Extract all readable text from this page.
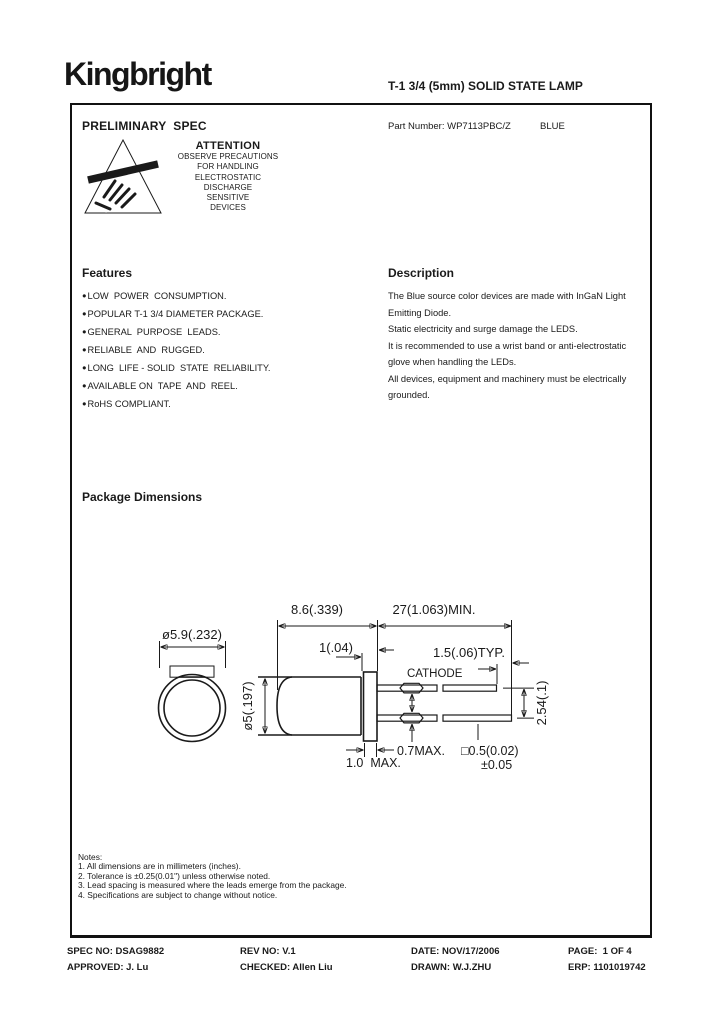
Kingbright	T-1 3/4 (5mm) SOLID STATE LAMP
PRELIMINARY  SPEC	Part Number: WP7113PBC/Z	BLUE
ATTENTION
OBSERVE PRECAUTIONS
FOR HANDLING
ELECTROSTATIC
DISCHARGE
SENSITIVE
DEVICES
Features
● LOW  POWER  CONSUMPTION.
● POPULAR T-1 3/4 DIAMETER PACKAGE.
● GENERAL  PURPOSE  LEADS.
● RELIABLE  AND  RUGGED.
● LONG  LIFE - SOLID  STATE  RELIABILITY.
● AVAILABLE ON  TAPE  AND  REEL.
● RoHS COMPLIANT.
Description
The Blue source color devices are made with InGaN Light
Emitting Diode.
Static electricity and surge damage the LEDS.
It is recommended to use a wrist band or anti-electrostatic
glove when handling the LEDs.
All devices, equipment and machinery must be electrically
grounded.
Package Dimensions
ø5.9(.232)
ø5(.197)
8.6(.339)	27(1.063)MIN.
1(.04)
CATHODE
1.5(.06)TYP.
2.54(.1)
0.7MAX.
1.0  MAX.
□0.5(0.02)
±0.05
Notes:
1. All dimensions are in millimeters (inches).
2. Tolerance is ±0.25(0.01") unless otherwise noted.
3. Lead spacing is measured where the leads emerge from the package.
4. Specifications are subject to change without notice.
SPEC NO: DSAG9882	REV NO: V.1	DATE: NOV/17/2006	PAGE:  1 OF 4
APPROVED: J. Lu	CHECKED: Allen Liu	DRAWN: W.J.ZHU	ERP: 1101019742
